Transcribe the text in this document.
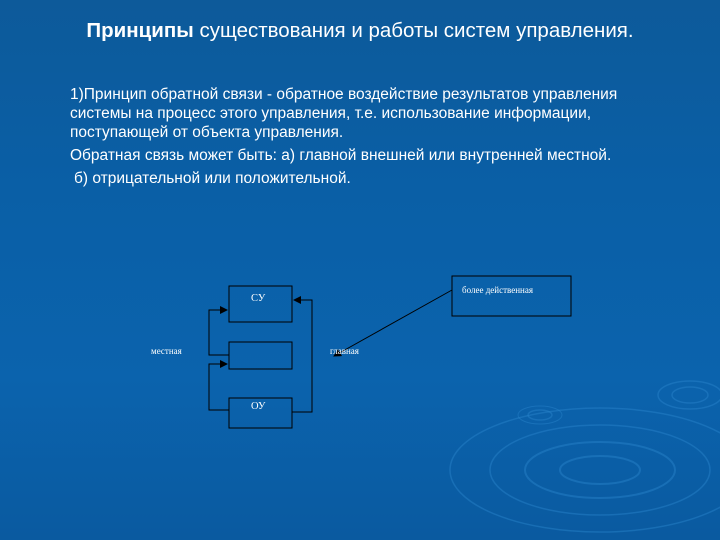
Принципы существования и работы систем управления.

1)Принцип обратной связи - обратное воздействие результатов управления системы на процесс этого управления, т.е. использование информации, поступающей от объекта управления.

Обратная связь может быть: а) главной внешней или внутренней местной.

б) отрицательной или положительной.

СУ
ОУ
местная	главная
более действенная
